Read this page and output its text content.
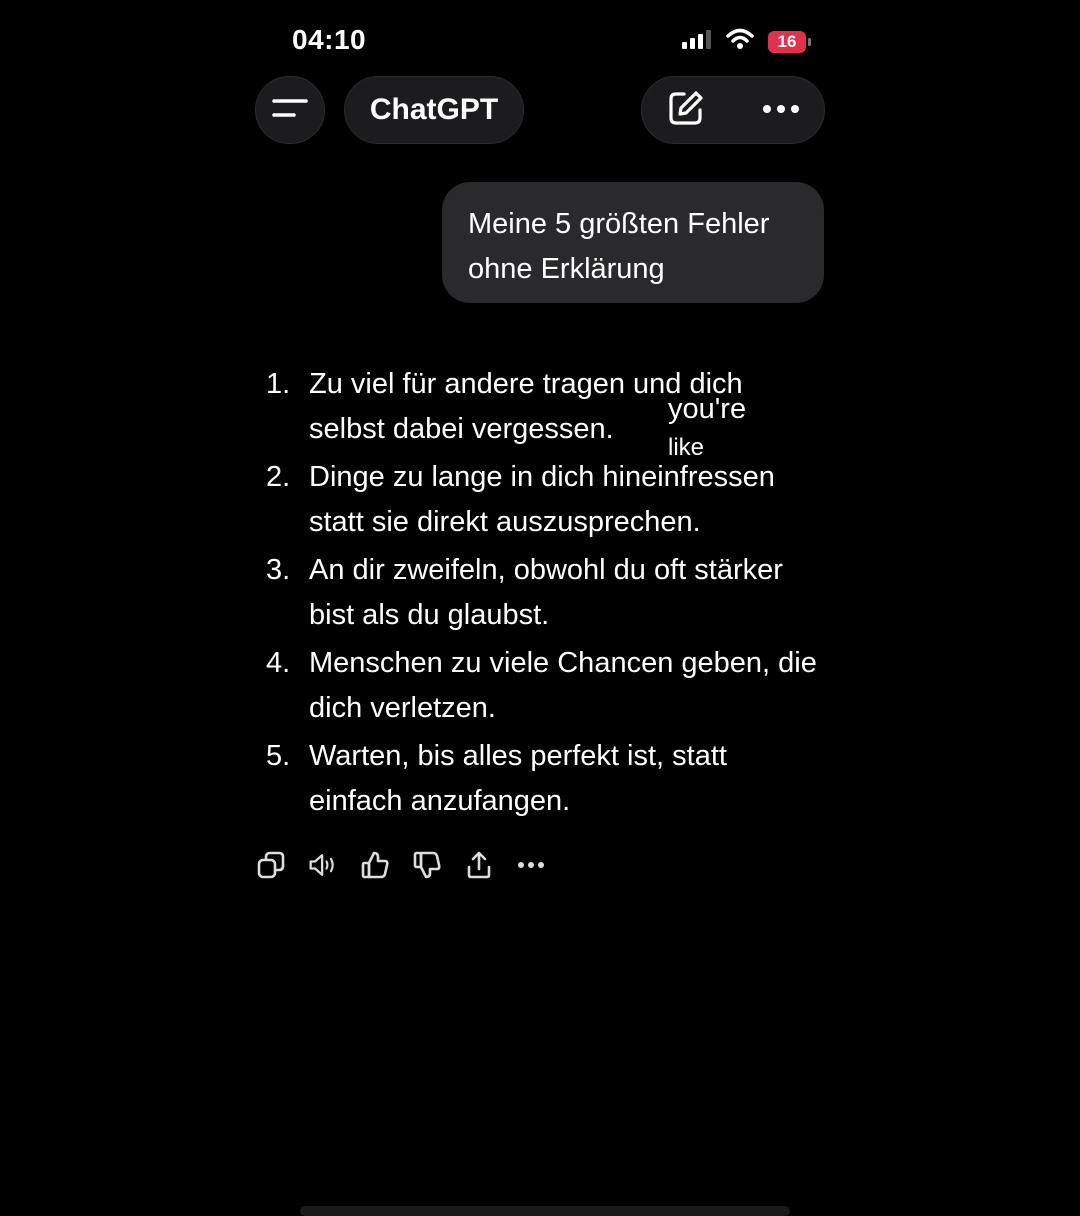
04:10	16
ChatGPT
Meine 5 größten Fehler ohne Erklärung
1. Zu viel für andere tragen und dich selbst dabei vergessen.
2. Dinge zu lange in dich hineinfressen statt sie direkt auszusprechen.
3. An dir zweifeln, obwohl du oft stärker bist als du glaubst.
4. Menschen zu viele Chancen geben, die dich verletzen.
5. Warten, bis alles perfekt ist, statt einfach anzufangen.
you're
like
